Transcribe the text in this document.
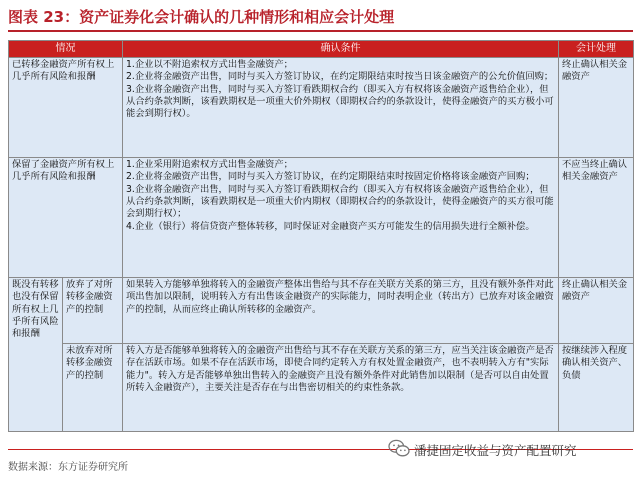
图表 23：资产证券化会计确认的几种情形和相应会计处理
情况		确认条件	会计处理
已转移金融资产所有权上几乎所有风险和报酬		1.企业以不附追索权方式出售金融资产；
2.企业将金融资产出售，同时与买入方签订协议，在约定期限结束时按当日该金融资产的公允价值回购；
3.企业将金融资产出售，同时与买入方签订看跌期权合约（即买入方有权将该金融资产返售给企业），但从合约条款判断，该看跌期权是一项重大价外期权（即期权合约的条款设计，使得金融资产的买方极小可能会到期行权）。	终止确认相关金融资产
保留了金融资产所有权上几乎所有风险和报酬		1.企业采用附追索权方式出售金融资产；
2.企业将金融资产出售，同时与买入方签订协议，在约定期限结束时按固定价格将该金融资产回购；
3.企业将金融资产出售，同时与买入方签订看跌期权合约（即买入方有权将该金融资产返售给企业），但从合约条款判断，该看跌期权是一项重大价内期权（即期权合约的条款设计，使得金融资产的买方很可能会到期行权）；
4.企业（银行）将信贷资产整体转移，同时保证对金融资产买方可能发生的信用损失进行全额补偿。	不应当终止确认相关金融资产
既没有转移也没有保留所有权上几乎所有风险和报酬	放弃了对所转移金融资产的控制	如果转入方能够单独将转入的金融资产整体出售给与其不存在关联方关系的第三方，且没有额外条件对此项出售加以限制，说明转入方有出售该金融资产的实际能力，同时表明企业（转出方）已放弃对该金融资产的控制，从而应终止确认所转移的金融资产。	终止确认相关金融资产
	未放弃对所转移金融资产的控制	转入方是否能够单独将转入的金融资产出售给与其不存在关联方关系的第三方，应当关注该金融资产是否存在活跃市场。如果不存在活跃市场，即使合同约定转入方有权处置金融资产，也不表明转入方有"实际能力"。转入方是否能够单独出售转入的金融资产且没有额外条件对此销售加以限制（是否可以自由处置所转入金融资产），主要关注是否存在与出售密切相关的约束性条款。	按继续涉入程度确认相关资产、负债
潘捷固定收益与资产配置研究
数据来源：东方证券研究所
